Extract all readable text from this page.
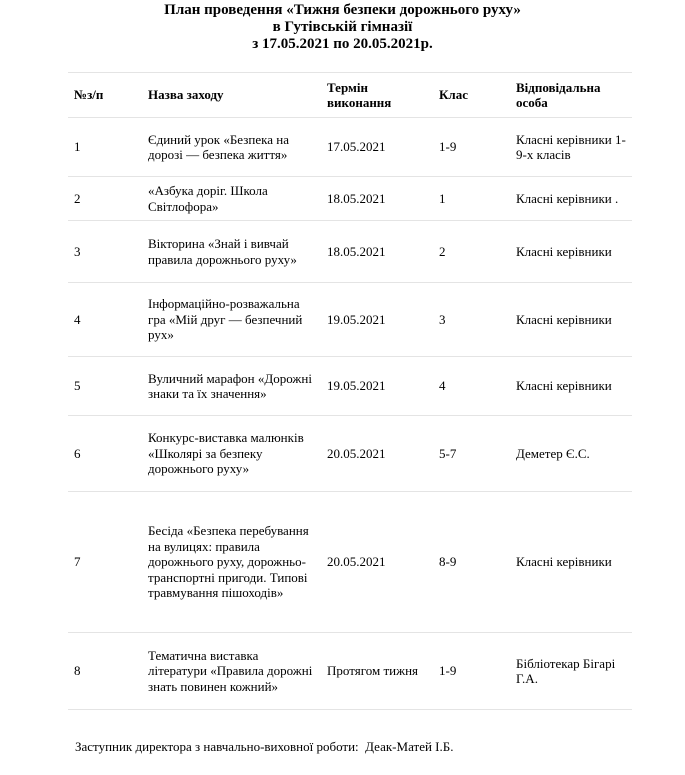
План проведення «Тижня безпеки дорожнього руху»
в Гутівській гімназії
з 17.05.2021 по 20.05.2021р.
№з/п	Назва заходу	Термін виконання	Клас	Відповідальна особа
1	Єдиний урок «Безпека на дорозі — безпека життя»	17.05.2021	1-9	Класні керівники 1-9-х класів
2	«Азбука доріг. Школа Світлофора»	18.05.2021	1	Класні керівники .
3	Вікторина «Знай і вивчай правила дорожнього руху»	18.05.2021	2	Класні керівники
4	Інформаційно-розважальна гра «Мій друг — безпечний рух»	19.05.2021	3	Класні керівники
5	Вуличний марафон «Дорожні знаки та їх значення»	19.05.2021	4	Класні керівники
6	Конкурс-виставка малюнків «Школярі за безпеку дорожнього руху»	20.05.2021	5-7	Деметер Є.С.
7	Бесіда «Безпека перебування на вулицях: правила дорожнього руху, дорожньо-транспортні пригоди. Типові травмування пішоходів»	20.05.2021	8-9	Класні керівники
8	Тематична виставка літератури «Правила дорожні знать повинен кожний»	Протягом тижня	1-9	Бібліотекар Бігарі Г.А.
Заступник директора з навчально-виховної роботи:  Деак-Матей І.Б.
